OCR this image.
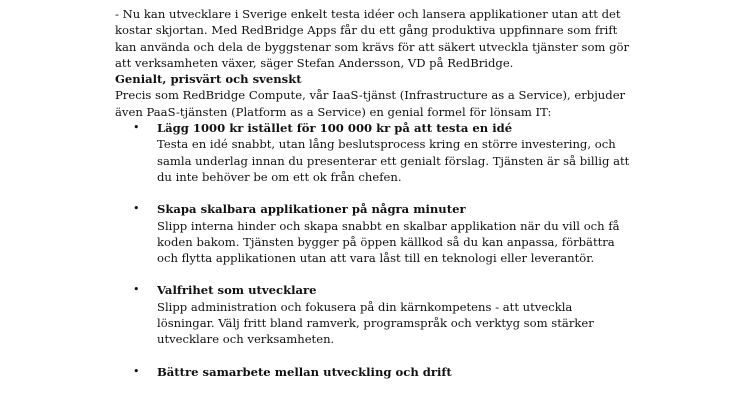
- Nu kan utvecklare i Sverige enkelt testa idéer och lansera applikationer utan att det
kostar skjortan. Med RedBridge Apps får du ett gång produktiva uppfinnare som frift
kan använda och dela de byggstenar som krävs för att säkert utveckla tjänster som gör
att verksamheten växer, säger Stefan Andersson, VD på RedBridge.

Genialt, prisvärt och svenskt

Precis som RedBridge Compute, vår IaaS-tjänst (Infrastructure as a Service), erbjuder
även PaaS-tjänsten (Platform as a Service) en genial formel för lönsam IT:

• Lägg 1000 kr istället för 100 000 kr på att testa en idé
Testa en idé snabbt, utan lång beslutsprocess kring en större investering, och
samla underlag innan du presenterar ett genialt förslag. Tjänsten är så billig att
du inte behöver be om ett ok från chefen.
• Skapa skalbara applikationer på några minuter
Slipp interna hinder och skapa snabbt en skalbar applikation när du vill och få
koden bakom. Tjänsten bygger på öppen källkod så du kan anpassa, förbättra
och flytta applikationen utan att vara låst till en teknologi eller leverantör.
• Valfrihet som utvecklare
Slipp administration och fokusera på din kärnkompetens - att utveckla
lösningar. Välj fritt bland ramverk, programspråk och verktyg som stärker
utvecklare och verksamheten.
• Bättre samarbete mellan utveckling och drift
